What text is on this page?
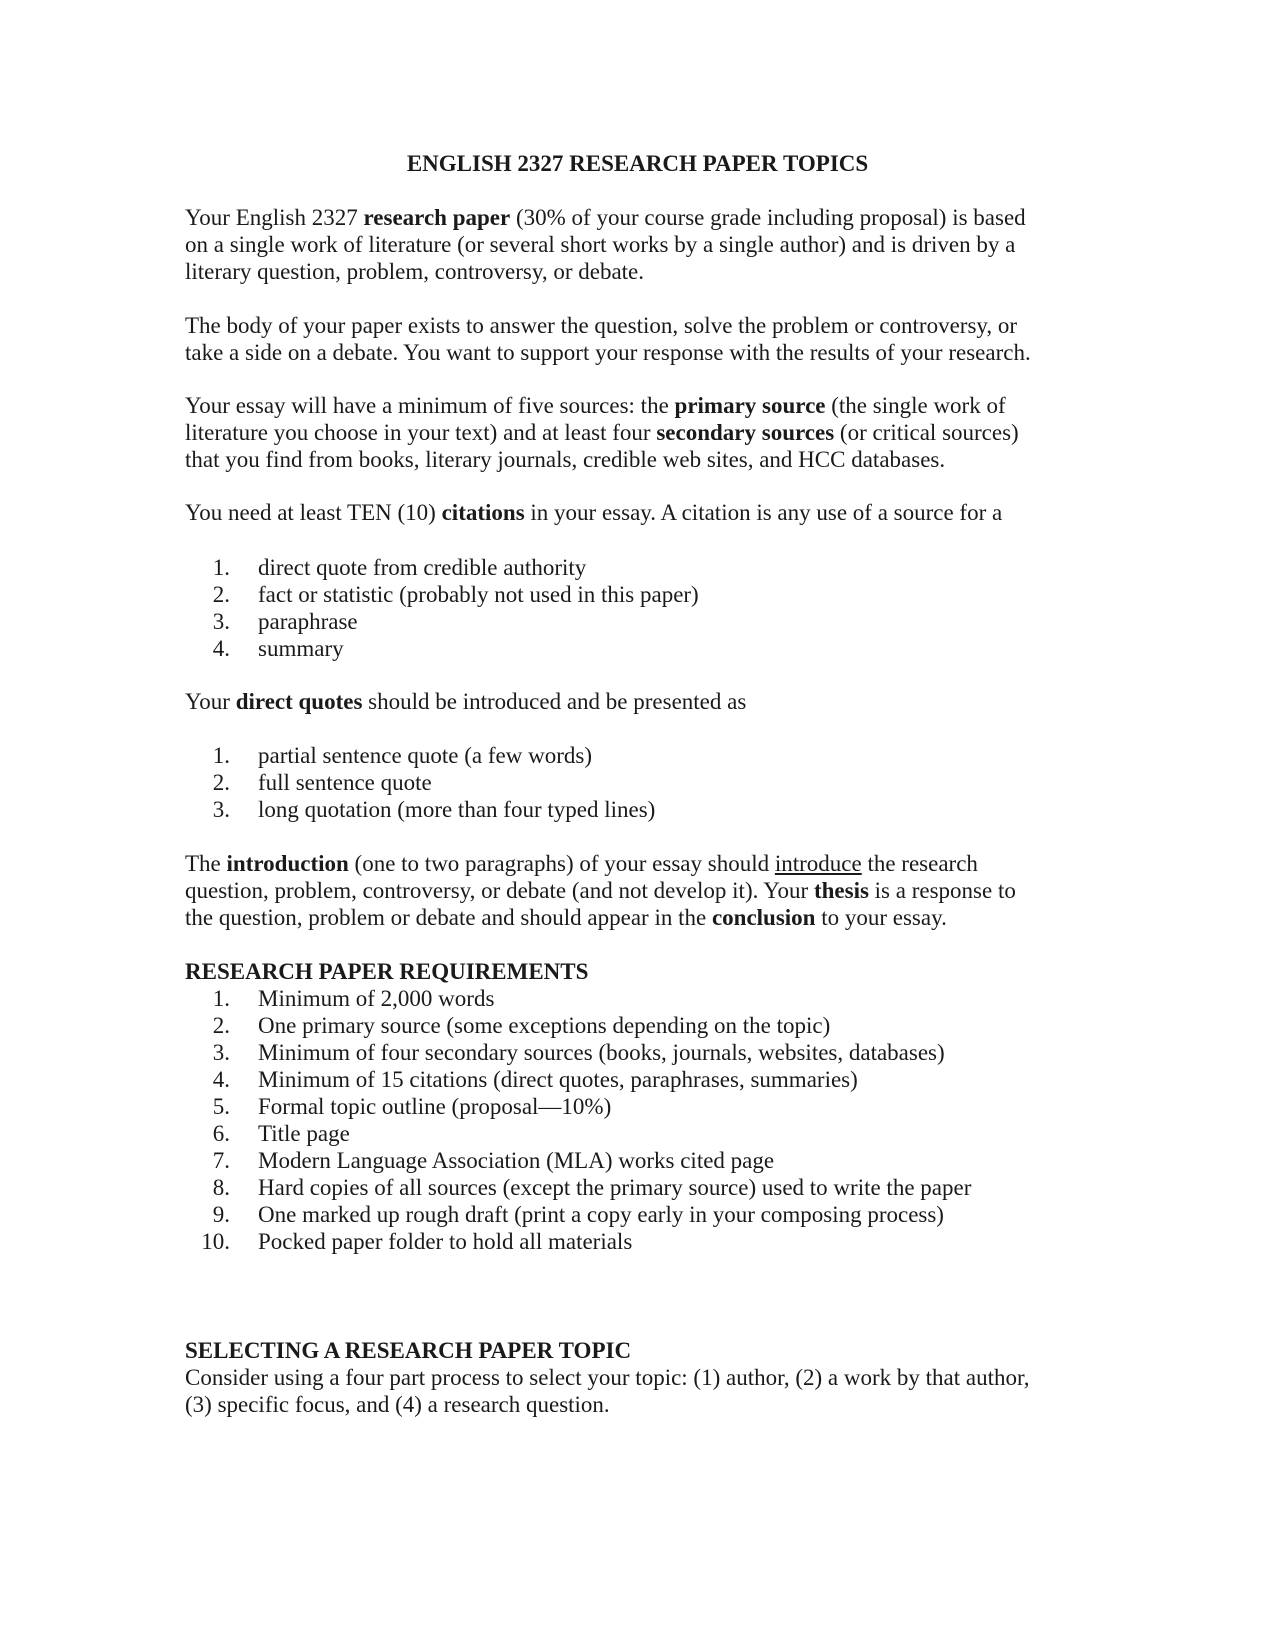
ENGLISH 2327 RESEARCH PAPER TOPICS
Your English 2327 research paper (30% of your course grade including proposal) is based
on a single work of literature (or several short works by a single author) and is driven by a
literary question, problem, controversy, or debate.
The body of your paper exists to answer the question, solve the problem or controversy, or
take a side on a debate. You want to support your response with the results of your research.
Your essay will have a minimum of five sources: the primary source (the single work of
literature you choose in your text) and at least four secondary sources (or critical sources)
that you find from books, literary journals, credible web sites, and HCC databases.
You need at least TEN (10) citations in your essay. A citation is any use of a source for a
1. direct quote from credible authority
2. fact or statistic (probably not used in this paper)
3. paraphrase
4. summary
Your direct quotes should be introduced and be presented as
1. partial sentence quote (a few words)
2. full sentence quote
3. long quotation (more than four typed lines)
The introduction (one to two paragraphs) of your essay should introduce the research
question, problem, controversy, or debate (and not develop it). Your thesis is a response to
the question, problem or debate and should appear in the conclusion to your essay.
RESEARCH PAPER REQUIREMENTS
1. Minimum of 2,000 words
2. One primary source (some exceptions depending on the topic)
3. Minimum of four secondary sources (books, journals, websites, databases)
4. Minimum of 15 citations (direct quotes, paraphrases, summaries)
5. Formal topic outline (proposal—10%)
6. Title page
7. Modern Language Association (MLA) works cited page
8. Hard copies of all sources (except the primary source) used to write the paper
9. One marked up rough draft (print a copy early in your composing process)
10. Pocked paper folder to hold all materials
SELECTING A RESEARCH PAPER TOPIC
Consider using a four part process to select your topic: (1) author, (2) a work by that author,
(3) specific focus, and (4) a research question.
